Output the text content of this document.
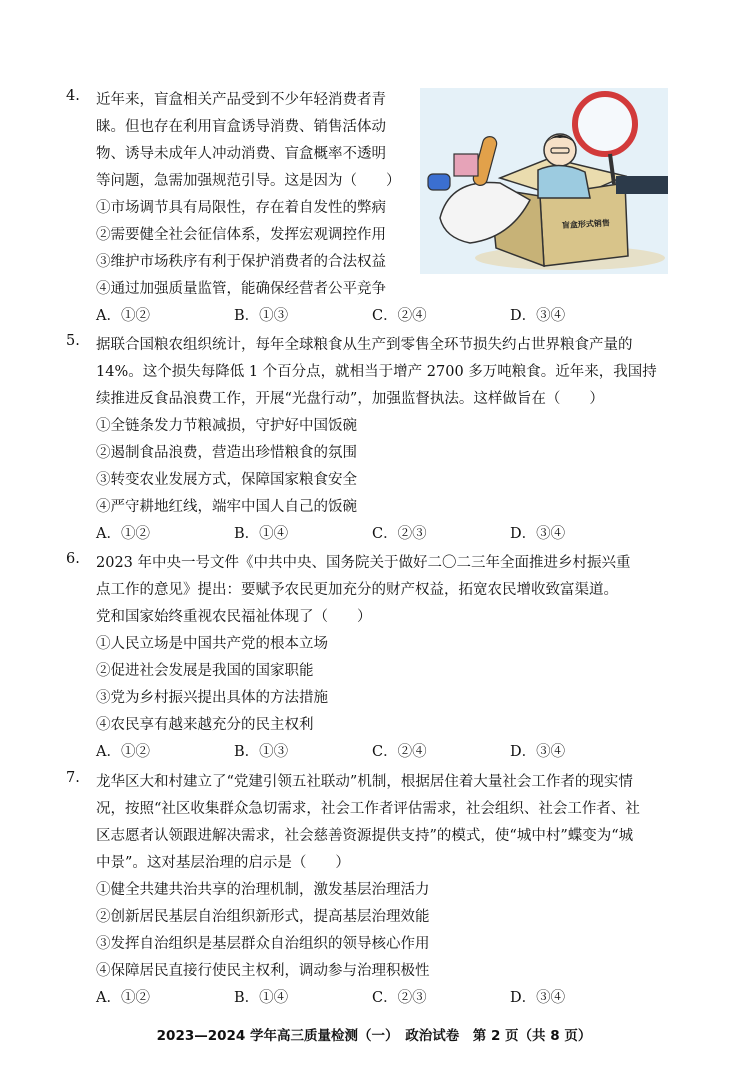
4.	近年来，盲盒相关产品受到不少年轻消费者青
睐。但也存在利用盲盒诱导消费、销售活体动
物、诱导未成年人冲动消费、盲盒概率不透明
等问题，急需加强规范引导。这是因为（　　）
①市场调节具有局限性，存在着自发性的弊病
②需要健全社会征信体系，发挥宏观调控作用
③维护市场秩序有利于保护消费者的合法权益
④通过加强质量监管，能确保经营者公平竞争
A．①②	B．①③	C．②④	D．③④
盲盒形式销售
5.	据联合国粮农组织统计，每年全球粮食从生产到零售全环节损失约占世界粮食产量的
14%。这个损失每降低 1 个百分点，就相当于增产 2700 多万吨粮食。近年来，我国持
续推进反食品浪费工作，开展“光盘行动”，加强监督执法。这样做旨在（　　）
①全链条发力节粮减损，守护好中国饭碗
②遏制食品浪费，营造出珍惜粮食的氛围
③转变农业发展方式，保障国家粮食安全
④严守耕地红线，端牢中国人自己的饭碗
A．①②	B．①④	C．②③	D．③④
6.	2023 年中央一号文件《中共中央、国务院关于做好二〇二三年全面推进乡村振兴重
点工作的意见》提出：要赋予农民更加充分的财产权益，拓宽农民增收致富渠道。
党和国家始终重视农民福祉体现了（　　）
①人民立场是中国共产党的根本立场
②促进社会发展是我国的国家职能
③党为乡村振兴提出具体的方法措施
④农民享有越来越充分的民主权利
A．①②	B．①③	C．②④	D．③④
7.	龙华区大和村建立了“党建引领五社联动”机制，根据居住着大量社会工作者的现实情
况，按照“社区收集群众急切需求，社会工作者评估需求，社会组织、社会工作者、社
区志愿者认领跟进解决需求，社会慈善资源提供支持”的模式，使“城中村”蝶变为“城
中景”。这对基层治理的启示是（　　）
①健全共建共治共享的治理机制，激发基层治理活力
②创新居民基层自治组织新形式，提高基层治理效能
③发挥自治组织是基层群众自治组织的领导核心作用
④保障居民直接行使民主权利，调动参与治理积极性
A．①②	B．①④	C．②③	D．③④
2023—2024 学年高三质量检测（一）　政治试卷　第 2 页（共 8 页）
